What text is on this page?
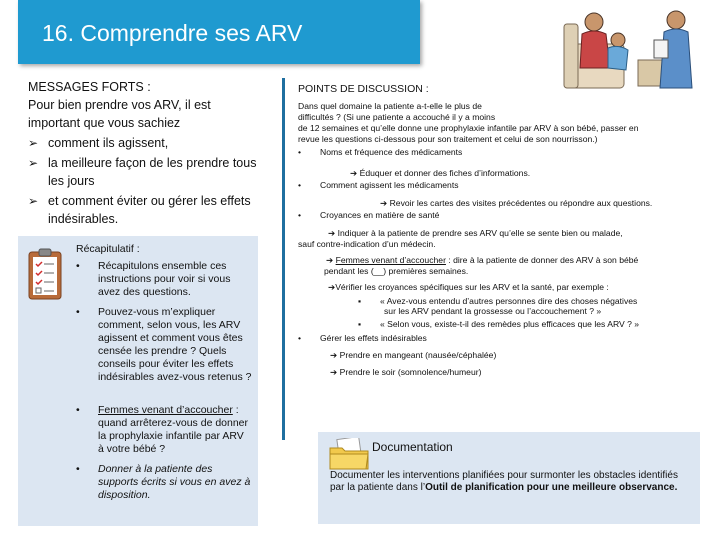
16. Comprendre ses ARV
MESSAGES FORTS :
Pour bien prendre vos ARV, il est important que vous sachiez
➢ comment ils agissent,
➢ la meilleure façon de les prendre tous les jours
➢ et comment éviter ou gérer les effets indésirables.
Récapitulatif :
• Récapitulons ensemble ces instructions pour voir si vous avez des questions.
• Pouvez-vous m’expliquer comment, selon vous, les ARV agissent et comment vous êtes censée les prendre ? Quels conseils pour éviter les effets indésirables avez-vous retenus ?
• Femmes venant d’accoucher : quand arrêterez-vous de donner la prophylaxie infantile par ARV à votre bébé ?
• Donner à la patiente des supports écrits si vous en avez à disposition.
POINTS DE DISCUSSION :
Dans quel domaine la patiente a-t-elle le plus de
difficultés ? (Si une patiente a accouché il y a moins
de 12 semaines et qu’elle donne une prophylaxie infantile par ARV à son bébé, passer en
revue les questions ci-dessous pour son traitement et celui de son nourrisson.)
• Noms et fréquence des médicaments
➔ Éduquer et donner des fiches d’informations.
• Comment agissent les médicaments
➔ Revoir les cartes des visites précédentes ou répondre aux questions.
• Croyances en matière de santé
➔ Indiquer à la patiente de prendre ses ARV qu’elle se sente bien ou malade,
sauf contre-indication d’un médecin.
➔ Femmes venant d’accoucher : dire à la patiente de donner des ARV à son bébé
pendant les (__) premières semaines.
➔Vérifier les croyances spécifiques sur les ARV et la santé, par exemple :
▪ « Avez-vous entendu d’autres personnes dire des choses négatives
sur les ARV pendant la grossesse ou l’accouchement ? »
▪ « Selon vous, existe-t-il des remèdes plus efficaces que les ARV ? »
• Gérer les effets indésirables
➔ Prendre en mangeant (nausée/céphalée)
➔ Prendre le soir (somnolence/humeur)
Documentation
Documenter les interventions planifiées pour surmonter les obstacles identifiés par la patiente dans l’Outil de planification pour une meilleure observance.
